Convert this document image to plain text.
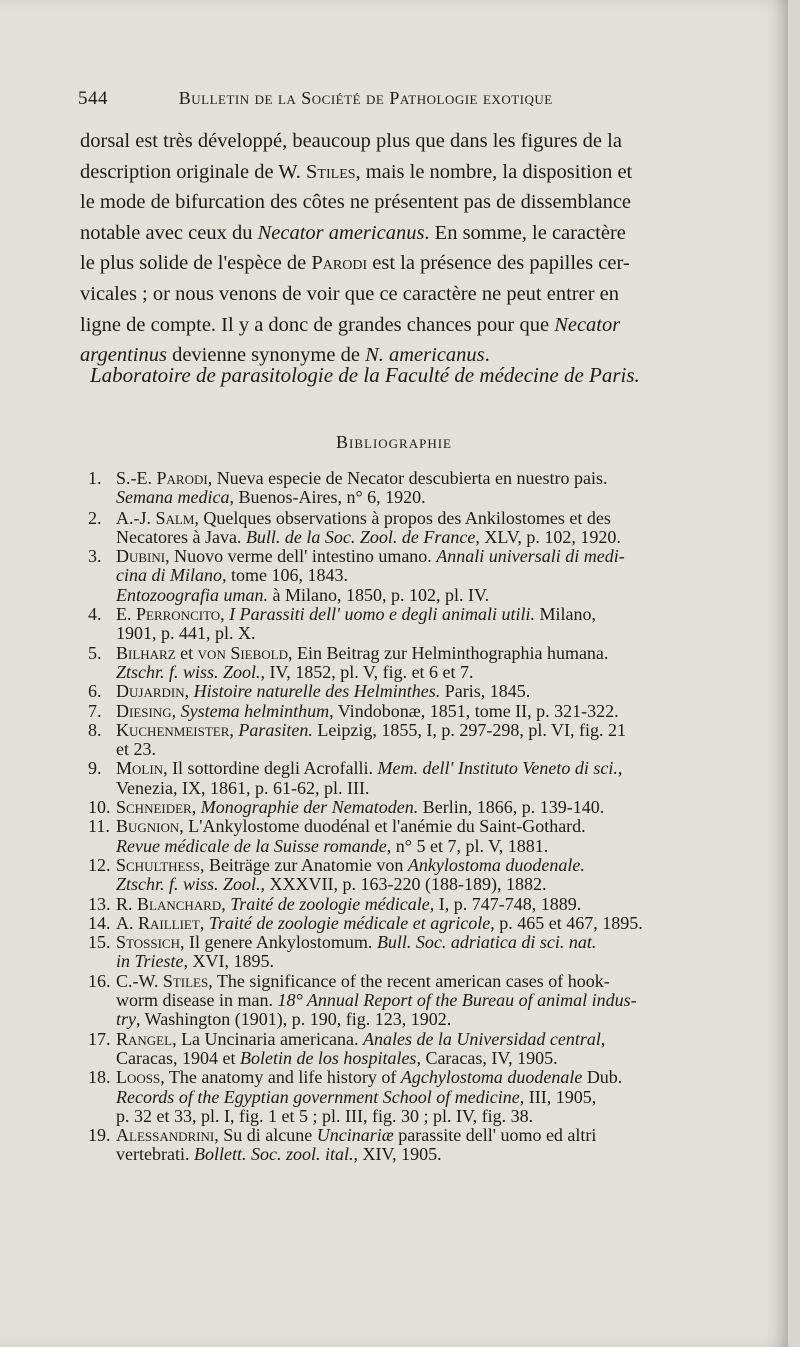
544	Bulletin de la Société de Pathologie exotique
dorsal est très développé, beaucoup plus que dans les figures de la
description originale de W. Stiles, mais le nombre, la disposition et
le mode de bifurcation des côtes ne présentent pas de dissemblance
notable avec ceux du Necator americanus. En somme, le caractère
le plus solide de l'espèce de Parodi est la présence des papilles cer-
vicales ; or nous venons de voir que ce caractère ne peut entrer en
ligne de compte. Il y a donc de grandes chances pour que Necator
argentinus devienne synonyme de N. americanus.
Laboratoire de parasitologie de la Faculté de médecine de Paris.
Bibliographie
1. S.-E. Parodi, Nueva especie de Necator descubierta en nuestro pais.
Semana medica, Buenos-Aires, n° 6, 1920.
2. A.-J. Salm, Quelques observations à propos des Ankilostomes et des
Necatores à Java. Bull. de la Soc. Zool. de France, XLV, p. 102, 1920.
3. Dubini, Nuovo verme dell' intestino umano. Annali universali di medi-
cina di Milano, tome 106, 1843.
Entozoografia uman. à Milano, 1850, p. 102, pl. IV.
4. E. Perroncito, I Parassiti dell' uomo e degli animali utili. Milano,
1901, p. 441, pl. X.
5. Bilharz et von Siebold, Ein Beitrag zur Helminthographia humana.
Ztschr. f. wiss. Zool., IV, 1852, pl. V, fig. et 6 et 7.
6. Dujardin, Histoire naturelle des Helminthes. Paris, 1845.
7. Diesing, Systema helminthum, Vindobonæ, 1851, tome II, p. 321-322.
8. Kuchenmeister, Parasiten. Leipzig, 1855, I, p. 297-298, pl. VI, fig. 21
et 23.
9. Molin, Il sottordine degli Acrofalli. Mem. dell' Instituto Veneto di sci.,
Venezia, IX, 1861, p. 61-62, pl. III.
10. Schneider, Monographie der Nematoden. Berlin, 1866, p. 139-140.
11. Bugnion, L'Ankylostome duodénal et l'anémie du Saint-Gothard.
Revue médicale de la Suisse romande, n° 5 et 7, pl. V, 1881.
12. Schulthess, Beiträge zur Anatomie von Ankylostoma duodenale.
Ztschr. f. wiss. Zool., XXXVII, p. 163-220 (188-189), 1882.
13. R. Blanchard, Traité de zoologie médicale, I, p. 747-748, 1889.
14. A. Railliet, Traité de zoologie médicale et agricole, p. 465 et 467, 1895.
15. Stossich, Il genere Ankylostomum. Bull. Soc. adriatica di sci. nat.
in Trieste, XVI, 1895.
16. C.-W. Stiles, The significance of the recent american cases of hook-
worm disease in man. 18° Annual Report of the Bureau of animal indus-
try, Washington (1901), p. 190, fig. 123, 1902.
17. Rangel, La Uncinaria americana. Anales de la Universidad central,
Caracas, 1904 et Boletin de los hospitales, Caracas, IV, 1905.
18. Looss, The anatomy and life history of Agchylostoma duodenale Dub.
Records of the Egyptian government School of medicine, III, 1905,
p. 32 et 33, pl. I, fig. 1 et 5 ; pl. III, fig. 30 ; pl. IV, fig. 38.
19. Alessandrini, Su di alcune Uncinariæ parassite dell' uomo ed altri
vertebrati. Bollett. Soc. zool. ital., XIV, 1905.
